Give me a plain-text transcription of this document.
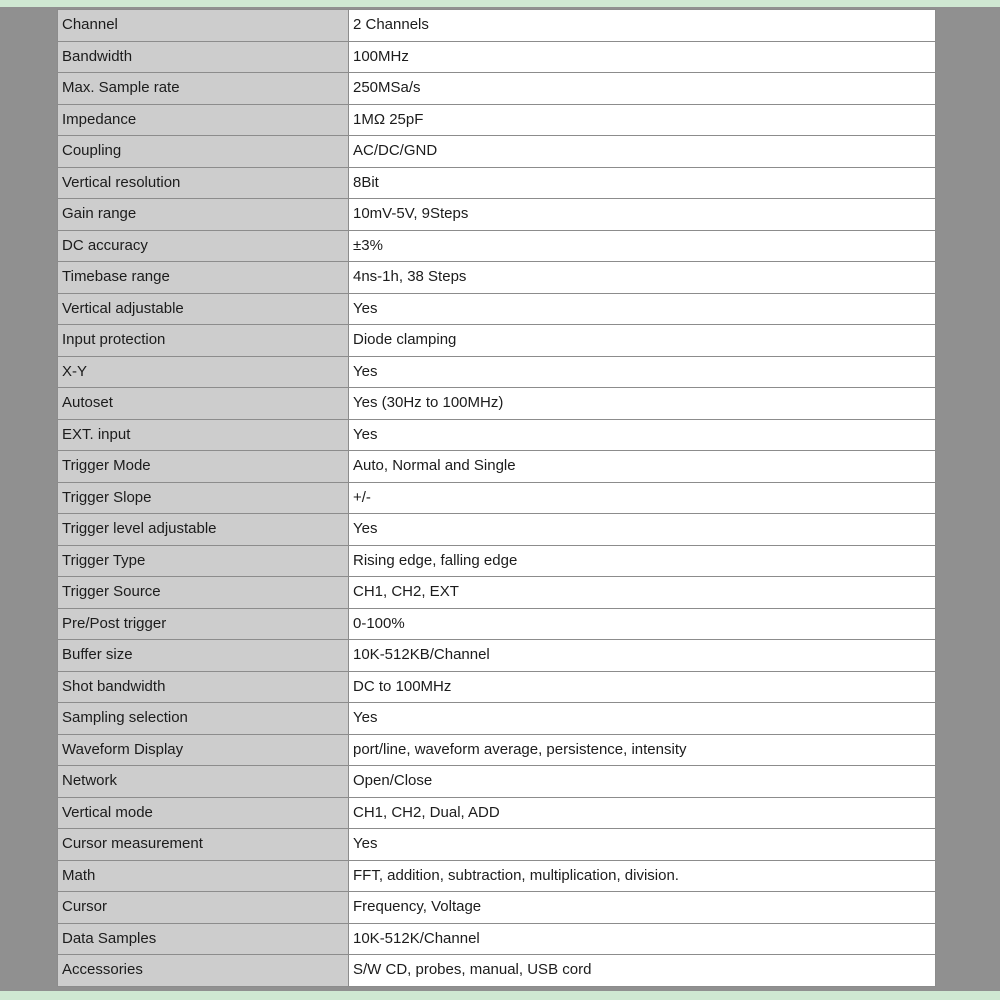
Channel	2 Channels
Bandwidth	100MHz
Max. Sample rate	250MSa/s
Impedance	1MΩ 25pF
Coupling	AC/DC/GND
Vertical resolution	8Bit
Gain range	10mV-5V, 9Steps
DC accuracy	±3%
Timebase range	4ns-1h, 38 Steps
Vertical adjustable	Yes
Input protection	Diode clamping
X-Y	Yes
Autoset	Yes (30Hz to 100MHz)
EXT. input	Yes
Trigger Mode	Auto, Normal and Single
Trigger Slope	+/-
Trigger level adjustable	Yes
Trigger Type	Rising edge, falling edge
Trigger Source	CH1, CH2, EXT
Pre/Post trigger	0-100%
Buffer size	10K-512KB/Channel
Shot bandwidth	DC to 100MHz
Sampling selection	Yes
Waveform Display	port/line, waveform average, persistence, intensity
Network	Open/Close
Vertical mode	CH1, CH2, Dual, ADD
Cursor measurement	Yes
Math	FFT, addition, subtraction, multiplication, division.
Cursor	Frequency, Voltage
Data Samples	10K-512K/Channel
Accessories	S/W CD, probes, manual, USB cord
